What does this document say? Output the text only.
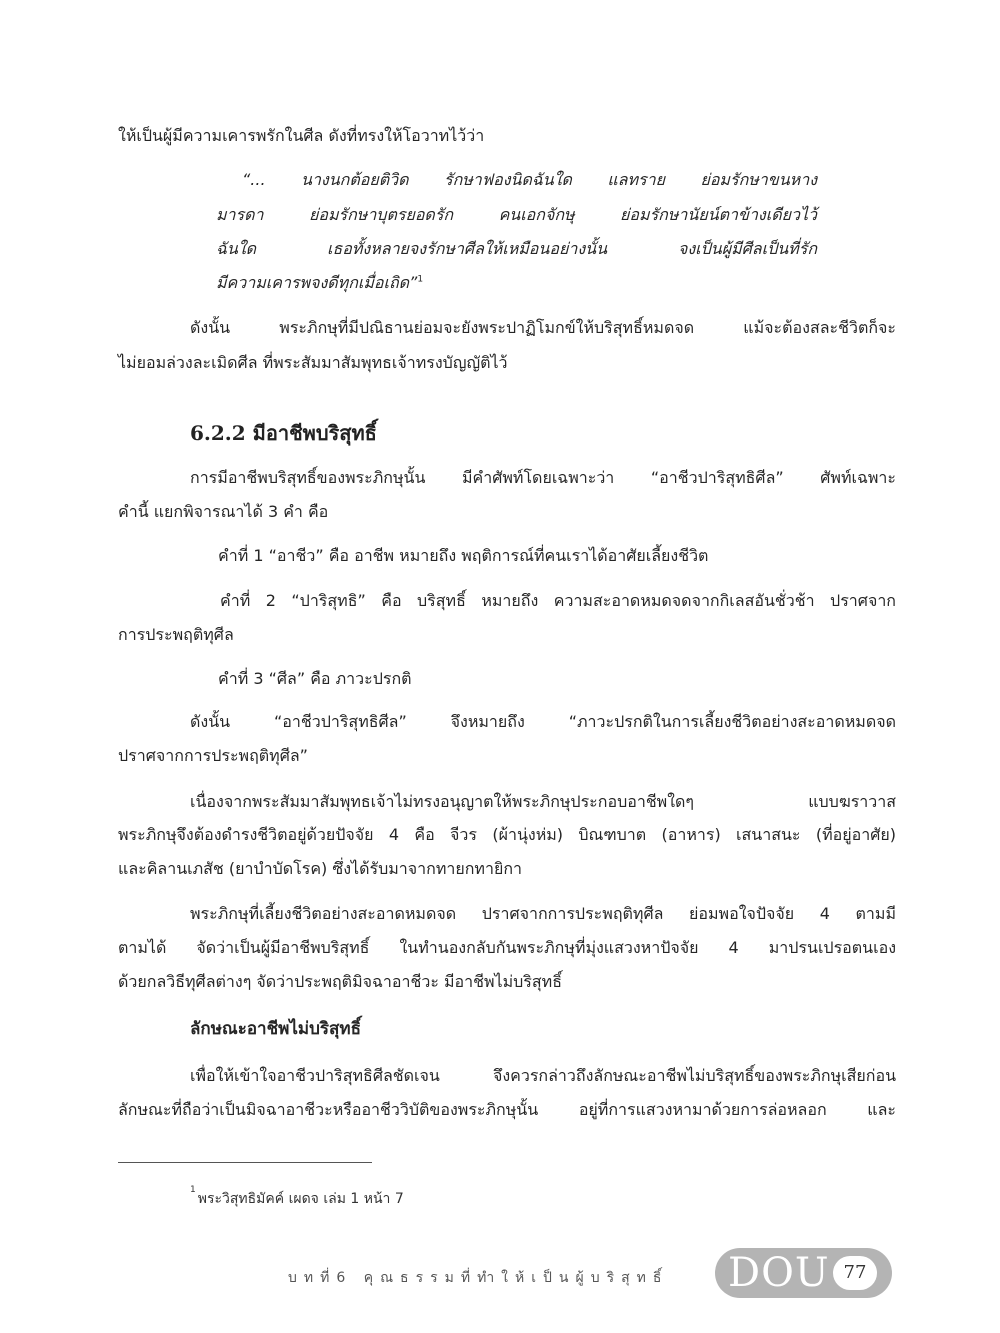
ให้เป็นผู้มีความเคารพรักในศีล ดังที่ทรงให้โอวาทไว้ว่า
“... นางนกต้อยติวิด รักษาฟองนิดฉันใด แลทราย ย่อมรักษาขนหาง
มารดา ย่อมรักษาบุตรยอดรัก คนเอกจักษุ ย่อมรักษานัยน์ตาข้างเดียวไว้
ฉันใด เธอทั้งหลายจงรักษาศีลให้เหมือนอย่างนั้น จงเป็นผู้มีศีลเป็นที่รัก
มีความเคารพจงดีทุกเมื่อเถิด”$^1$
ดังนั้น พระภิกษุที่มีปณิธานย่อมจะยังพระปาฏิโมกข์ให้บริสุทธิ์หมดจด แม้จะต้องสละชีวิตก็จะ
ไม่ยอมล่วงละเมิดศีล ที่พระสัมมาสัมพุทธเจ้าทรงบัญญัติไว้
6.2.2 มีอาชีพบริสุทธิ์
การมีอาชีพบริสุทธิ์ของพระภิกษุนั้น มีคำศัพท์โดยเฉพาะว่า “อาชีวปาริสุทธิศีล” ศัพท์เฉพาะ
คำนี้ แยกพิจารณาได้ 3 คำ คือ
คำที่ 1 “อาชีว” คือ อาชีพ หมายถึง พฤติการณ์ที่คนเราได้อาศัยเลี้ยงชีวิต
คำที่ 2 “ปาริสุทธิ” คือ บริสุทธิ์ หมายถึง ความสะอาดหมดจดจากกิเลสอันชั่วช้า ปราศจาก
การประพฤติทุศีล
คำที่ 3 “ศีล” คือ ภาวะปรกติ
ดังนั้น “อาชีวปาริสุทธิศีล” จึงหมายถึง “ภาวะปรกติในการเลี้ยงชีวิตอย่างสะอาดหมดจด
ปราศจากการประพฤติทุศีล”
เนื่องจากพระสัมมาสัมพุทธเจ้าไม่ทรงอนุญาตให้พระภิกษุประกอบอาชีพใดๆ แบบฆราวาส
พระภิกษุจึงต้องดำรงชีวิตอยู่ด้วยปัจจัย 4 คือ จีวร (ผ้านุ่งห่ม) บิณฑบาต (อาหาร) เสนาสนะ (ที่อยู่อาศัย)
และคิลานเภสัช (ยาบำบัดโรค) ซึ่งได้รับมาจากทายกทายิกา
พระภิกษุที่เลี้ยงชีวิตอย่างสะอาดหมดจด ปราศจากการประพฤติทุศีล ย่อมพอใจปัจจัย 4 ตามมี
ตามได้ จัดว่าเป็นผู้มีอาชีพบริสุทธิ์ ในทำนองกลับกันพระภิกษุที่มุ่งแสวงหาปัจจัย 4 มาปรนเปรอตนเอง
ด้วยกลวิธีทุศีลต่างๆ จัดว่าประพฤติมิจฉาอาชีวะ มีอาชีพไม่บริสุทธิ์
ลักษณะอาชีพไม่บริสุทธิ์
เพื่อให้เข้าใจอาชีวปาริสุทธิศีลชัดเจน จึงควรกล่าวถึงลักษณะอาชีพไม่บริสุทธิ์ของพระภิกษุเสียก่อน
ลักษณะที่ถือว่าเป็นมิจฉาอาชีวะหรืออาชีววิบัติของพระภิกษุนั้น อยู่ที่การแสวงหามาด้วยการล่อหลอก และ
$^1$พระวิสุทธิมัคค์ เผดจ เล่ม 1 หน้า 7
บทที่6 คุณธรรมที่ทำให้เป็นผู้บริสุทธิ์ DOU 77
